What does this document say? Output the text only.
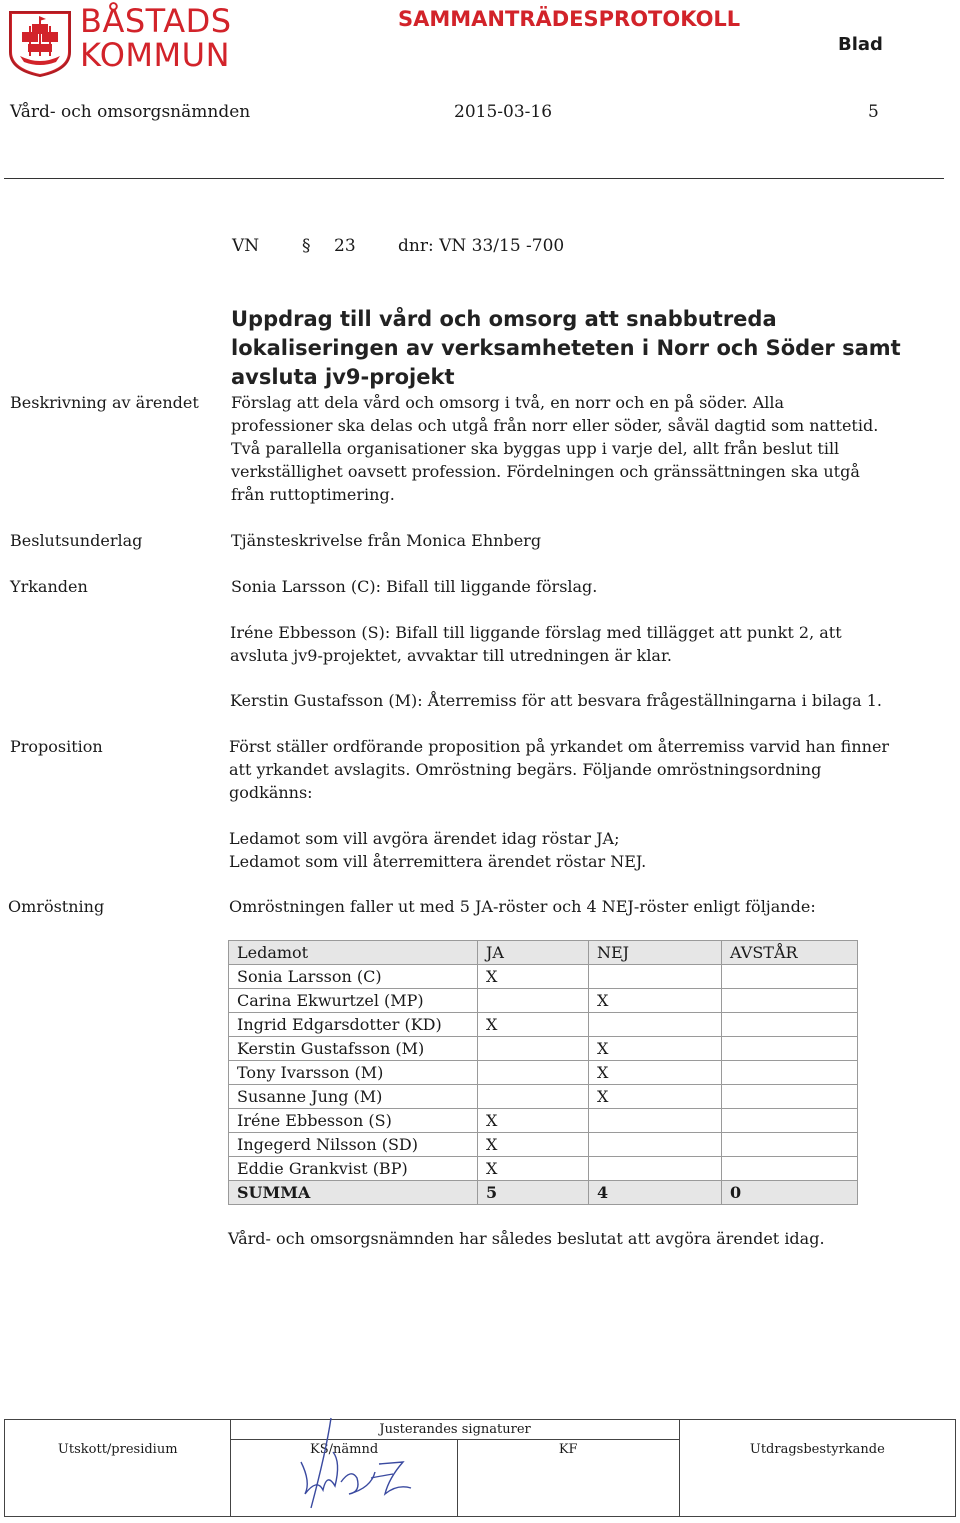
BÅSTADS
KOMMUN
SAMMANTRÄDESPROTOKOLL
Blad
Vård- och omsorgsnämnden	2015-03-16	5
VN	§ 23 dnr: VN 33/15 -700
Uppdrag till vård och omsorg att snabbutreda lokaliseringen av verksamheteten i Norr och Söder samt avsluta jv9-projekt
Beskrivning av ärendet Förslag att dela vård och omsorg i två, en norr och en på söder. Alla professioner ska delas och utgå från norr eller söder, såväl dagtid som nattetid. Två parallella organisationer ska byggas upp i varje del, allt från beslut till verkställighet oavsett profession. Fördelningen och gränssättningen ska utgå från ruttoptimering.
Beslutsunderlag	Tjänsteskrivelse från Monica Ehnberg
Yrkanden	Sonia Larsson (C): Bifall till liggande förslag.
Iréne Ebbesson (S): Bifall till liggande förslag med tillägget att punkt 2, att avsluta jv9-projektet, avvaktar till utredningen är klar.
Kerstin Gustafsson (M): Återremiss för att besvara frågeställningarna i bilaga 1.
Proposition	Först ställer ordförande proposition på yrkandet om återremiss varvid han finner att yrkandet avslagits. Omröstning begärs. Följande omröstningsordning godkänns:
Ledamot som vill avgöra ärendet idag röstar JA;
Ledamot som vill återremittera ärendet röstar NEJ.
Omröstning	Omröstningen faller ut med 5 JA-röster och 4 NEJ-röster enligt följande:
Ledamot	JA	NEJ	AVSTÅR
Sonia Larsson (C)	X		
Carina Ekwurtzel (MP)		X	
Ingrid Edgarsdotter (KD)	X		
Kerstin Gustafsson (M)		X	
Tony Ivarsson (M)		X	
Susanne Jung (M)		X	
Iréne Ebbesson (S)	X		
Ingegerd Nilsson (SD)	X		
Eddie Grankvist (BP)	X		
SUMMA	5	4	0
Vård- och omsorgsnämnden har således beslutat att avgöra ärendet idag.
Utskott/presidium	Justerandes signaturer		Utdragsbestyrkande

	KS/nämnd	KF	
